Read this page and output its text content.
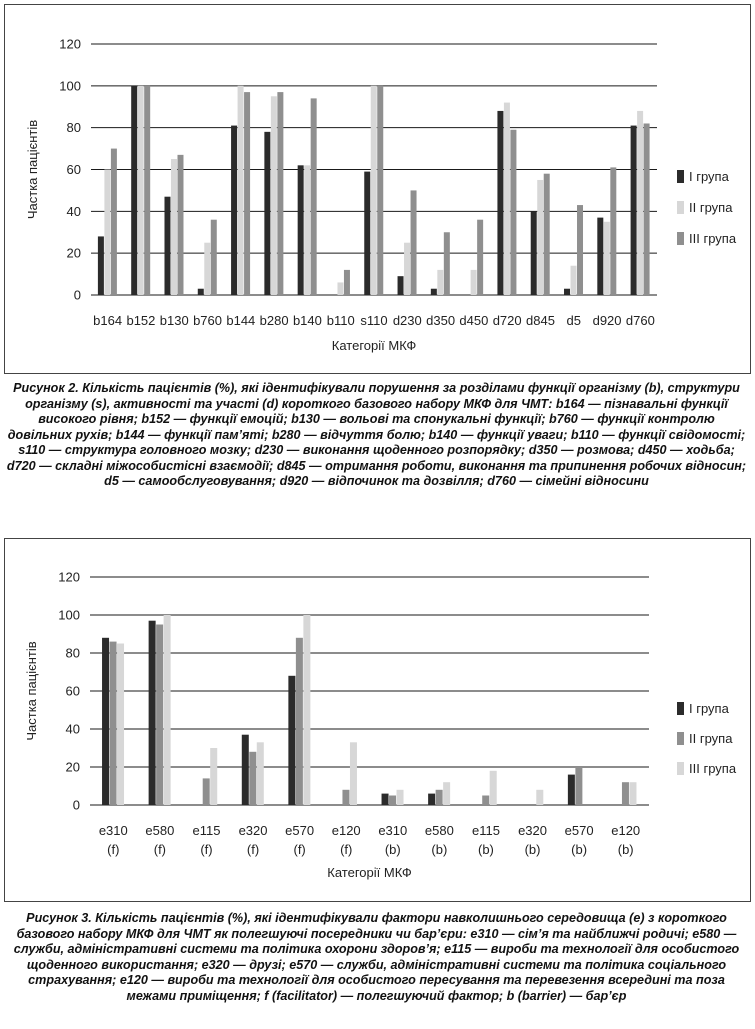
0
20
40
60
80
100
120
b164 b152 b130 b760 b144 b280 b140 b110 s110 d230 d350 d450 d720 d845 d5 d920 d760
Категорії МКФ
Частка пацієнтів	I група
II група
III група
Рисунок 2. Кількість пацієнтів (%), які ідентифікували порушення за розділами функції організму (b), структури організму (s), активності та участі (d) короткого базового набору МКФ для ЧМТ: b164 — пізнавальні функції високого рівня; b152 — функції емоцій; b130 — вольові та спонукальні функції; b760 — функції контролю довільних рухів; b144 — функції пам’яті; b280 — відчуття болю; b140 — функції уваги; b110 — функції свідомості; s110 — структура головного мозку; d230 — виконання щоденного розпорядку; d350 — розмова; d450 — ходьба; d720 — складні міжособистісні взаємодії; d845 — отримання роботи, виконання та припинення робочих відносин; d5 — самообслуговування; d920 — відпочинок та дозвілля; d760 — сімейні відносини
0
20
40
60
80
100
120
e310
(f)
e580
(f)
e115
(f)
e320
(f)
e570
(f)
e120
(f)
e310
(b)
e580
(b)
e115
(b)
e320
(b)
e570
(b)
e120
(b)
Категорії МКФ
Частка пацієнтів	I група
II група
III група
Рисунок 3. Кількість пацієнтів (%), які ідентифікували фактори навколишнього середовища (e) з короткого базового набору МКФ для ЧМТ як полегшуючі посередники чи бар’єри: e310 — сім’я та найближчі родичі; e580 — служби, адміністративні системи та політика охорони здоров’я; e115 — вироби та технології для особистого щоденного використання; e320 — друзі; e570 — служби, адміністративні системи та політика соціального страхування; e120 — вироби та технології для особистого пересування та перевезення всередині та поза межами приміщення; f (facilitator) — полегшуючий фактор; b (barrier) — бар’єр
